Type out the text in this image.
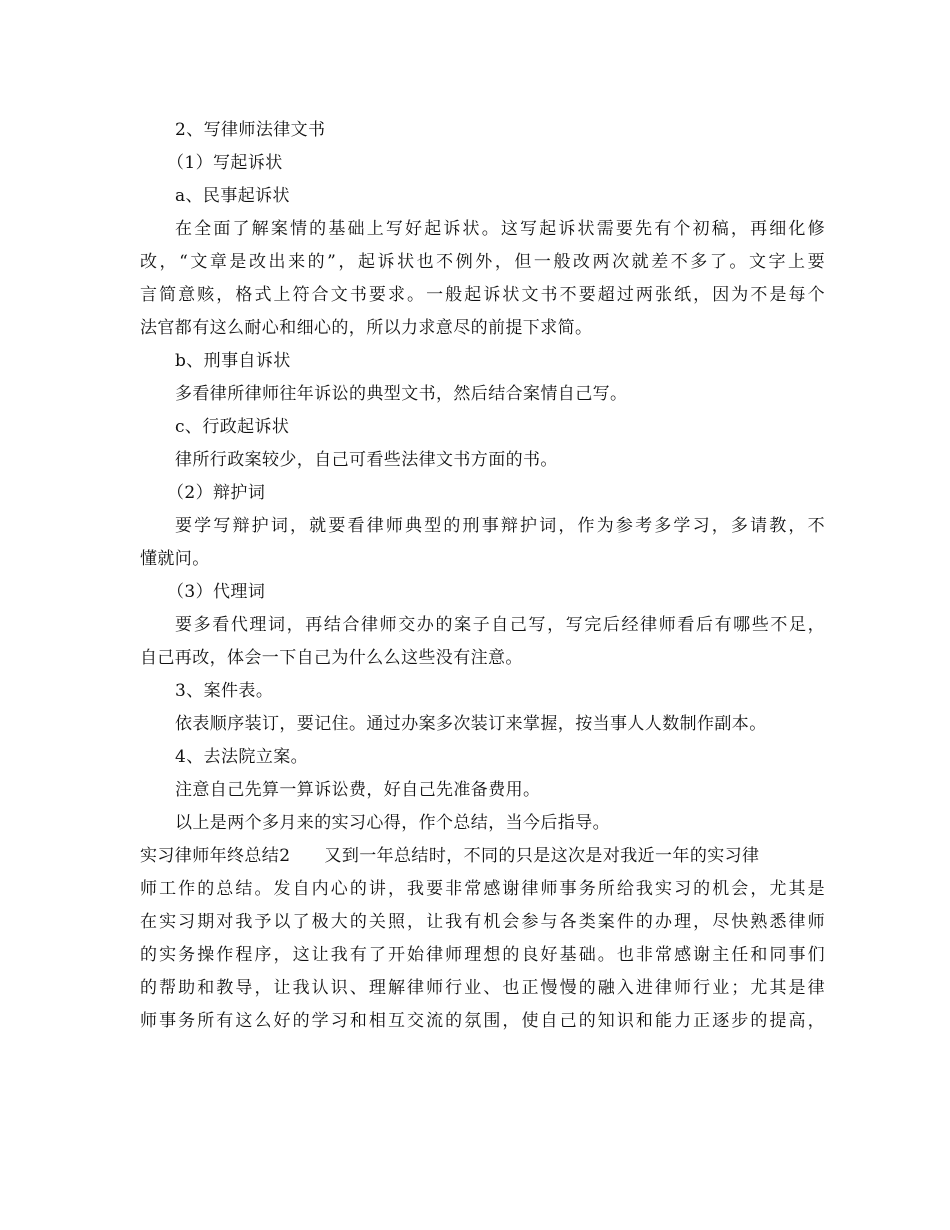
2、写律师法律文书
（1）写起诉状
a、民事起诉状
在全面了解案情的基础上写好起诉状。这写起诉状需要先有个初稿，再细化修
改，“文章是改出来的”，起诉状也不例外，但一般改两次就差不多了。文字上要
言简意赅，格式上符合文书要求。一般起诉状文书不要超过两张纸，因为不是每个
法官都有这么耐心和细心的，所以力求意尽的前提下求简。
b、刑事自诉状
多看律所律师往年诉讼的典型文书，然后结合案情自己写。
c、行政起诉状
律所行政案较少，自己可看些法律文书方面的书。
（2）辩护词
要学写辩护词，就要看律师典型的刑事辩护词，作为参考多学习，多请教，不
懂就问。
（3）代理词
要多看代理词，再结合律师交办的案子自己写，写完后经律师看后有哪些不足，
自己再改，体会一下自己为什么么这些没有注意。
3、案件表。
依表顺序装订，要记住。通过办案多次装订来掌握，按当事人人数制作副本。
4、去法院立案。
注意自己先算一算诉讼费，好自己先准备费用。
以上是两个多月来的实习心得，作个总结，当今后指导。
实习律师年终总结2 又到一年总结时，不同的只是这次是对我近一年的实习律
师工作的总结。发自内心的讲，我要非常感谢律师事务所给我实习的机会，尤其是
在实习期对我予以了极大的关照，让我有机会参与各类案件的办理，尽快熟悉律师
的实务操作程序，这让我有了开始律师理想的良好基础。也非常感谢主任和同事们
的帮助和教导，让我认识、理解律师行业、也正慢慢的融入进律师行业；尤其是律
师事务所有这么好的学习和相互交流的氛围，使自己的知识和能力正逐步的提高，
